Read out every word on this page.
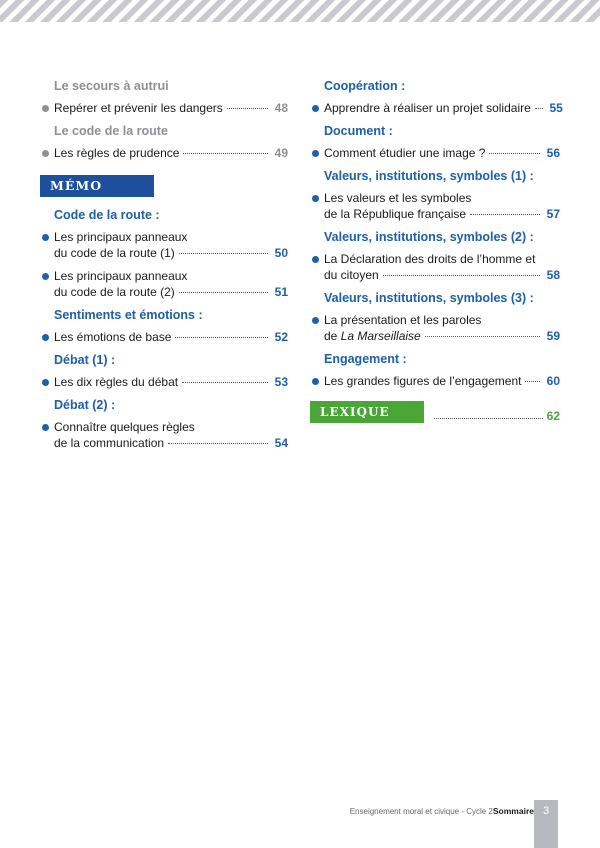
Le secours à autrui
Repérer et prévenir les dangers	48
Le code de la route
Les règles de prudence	49
MÉMO
Code de la route :
Les principaux panneaux
du code de la route (1)	50
Les principaux panneaux
du code de la route (2)	51
Sentiments et émotions :
Les émotions de base	52
Débat (1) :
Les dix règles du débat	53
Débat (2) :
Connaître quelques règles
de la communication	54
Coopération :
Apprendre à réaliser un projet solidaire 55
Document :
Comment étudier une image ?	56
Valeurs, institutions, symboles (1) :
Les valeurs et les symboles
de la République française	57
Valeurs, institutions, symboles (2) :
La Déclaration des droits de l’homme et
du citoyen	58
Valeurs, institutions, symboles (3) :
La présentation et les paroles
de La Marseillaise	59
Engagement :
Les grandes figures de l’engagement 60
LEXIQUE	62
Enseignement moral et civique - Cycle 2Sommaire 3
